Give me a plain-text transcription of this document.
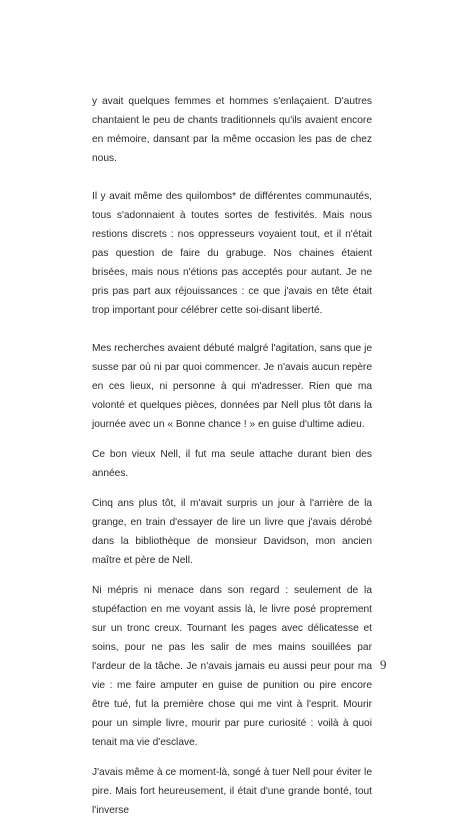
y avait quelques femmes et hommes s'enlaçaient. D'autres chantaient le peu de chants traditionnels qu'ils avaient encore en mémoire, dansant par la même occasion les pas de chez nous.

Il y avait même des quilombos* de différentes communautés, tous s'adonnaient à toutes sortes de festivités. Mais nous restions discrets : nos oppresseurs voyaient tout, et il n'était pas question de faire du grabuge. Nos chaines étaient brisées, mais nous n'étions pas acceptés pour autant. Je ne pris pas part aux réjouissances : ce que j'avais en tête était trop important pour célébrer cette soi-disant liberté.

Mes recherches avaient débuté malgré l'agitation, sans que je susse par où ni par quoi commencer. Je n'avais aucun repère en ces lieux, ni personne à qui m'adresser. Rien que ma volonté et quelques pièces, données par Nell plus tôt dans la journée avec un « Bonne chance ! » en guise d'ultime adieu.

Ce bon vieux Nell, il fut ma seule attache durant bien des années.

Cinq ans plus tôt, il m'avait surpris un jour à l'arrière de la grange, en train d'essayer de lire un livre que j'avais dérobé dans la bibliothèque de monsieur Davidson, mon ancien maître et père de Nell.

Ni mépris ni menace dans son regard : seulement de la stupéfaction en me voyant assis là, le livre posé proprement sur un tronc creux. Tournant les pages avec délicatesse et soins, pour ne pas les salir de mes mains souillées par l'ardeur de la tâche. Je n'avais jamais eu aussi peur pour ma vie : me faire amputer en guise de punition ou pire encore être tué, fut la première chose qui me vint à l'esprit. Mourir pour un simple livre, mourir par pure curiosité : voilà à quoi tenait ma vie d'esclave.

J'avais même à ce moment-là, songé à tuer Nell pour éviter le pire. Mais fort heureusement, il était d'une grande bonté, tout l'inverse

9
